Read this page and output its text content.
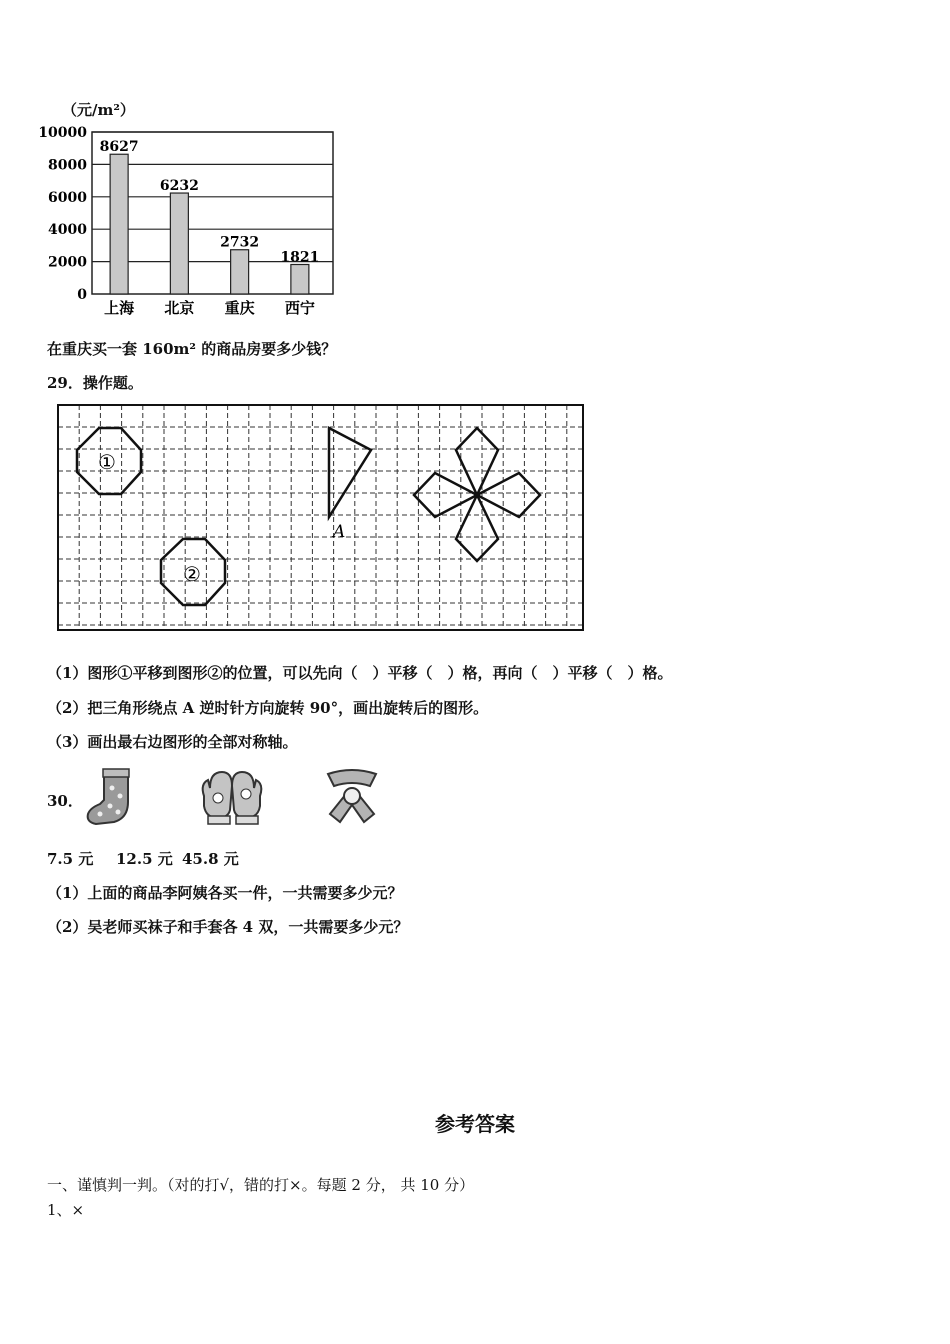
（元/m²）
0
2000
4000
6000
8000
10000
8627
上海
6232
北京
2732
重庆
1821
西宁
在重庆买一套 160m² 的商品房要多少钱？
29．操作题。
①
②
A
（1）图形①平移到图形②的位置，可以先向（　）平移（　）格，再向（　）平移（　）格。
（2）把三角形绕点 A 逆时针方向旋转 90°，画出旋转后的图形。
（3）画出最右边图形的全部对称轴。
30．
7.5 元 12.5 元 45.8 元
（1）上面的商品李阿姨各买一件，一共需要多少元？
（2）吴老师买袜子和手套各 4 双，一共需要多少元？
参考答案
一、谨慎判一判。（对的打√，错的打×。每题 2 分， 共 10 分）
1、×
